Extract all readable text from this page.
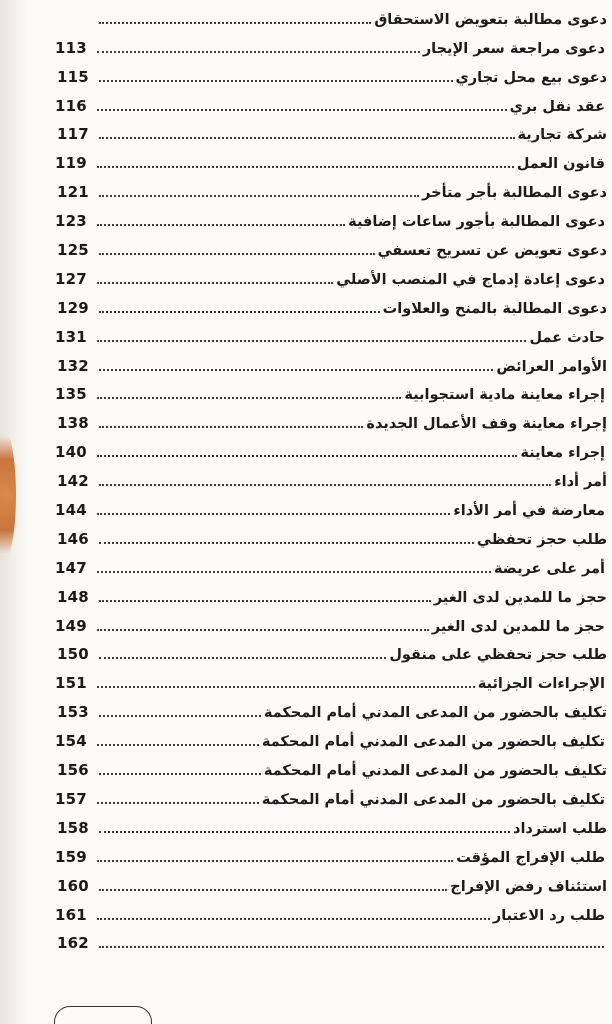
دعوى مطالبة بتعويض الاستحقاق
113	دعوى مراجعة سعر الإيجار
115	دعوى بيع محل تجاري
116	عقد نقل بري
117	شركة تجارية
119	قانون العمل
121	دعوى المطالبة بأجر متأخر
123	دعوى المطالبة بأجور ساعات إضافية
125	دعوى تعويض عن تسريح تعسفي
127	دعوى إعادة إدماج في المنصب الأصلي
129	دعوى المطالبة بالمنح والعلاوات
131	حادث عمل
132	الأوامر العرائض
135	إجراء معاينة مادية استجوابية
138	إجراء معاينة وقف الأعمال الجديدة
140	إجراء معاينة
142	أمر أداء
144	معارضة في أمر الأداء
146	طلب حجز تحفظي
147	أمر على عريضة
148	حجز ما للمدين لدى الغير
149	حجز ما للمدين لدى الغير
150	طلب حجز تحفظي على منقول
151	الإجراءات الجزائية
153	تكليف بالحضور من المدعى المدني أمام المحكمة
154	تكليف بالحضور من المدعى المدني أمام المحكمة
156	تكليف بالحضور من المدعى المدني أمام المحكمة
157	تكليف بالحضور من المدعى المدني أمام المحكمة
158	طلب استرداد
159	طلب الإفراج المؤقت
160	استئناف رفض الإفراج
161	طلب رد الاعتبار
162
